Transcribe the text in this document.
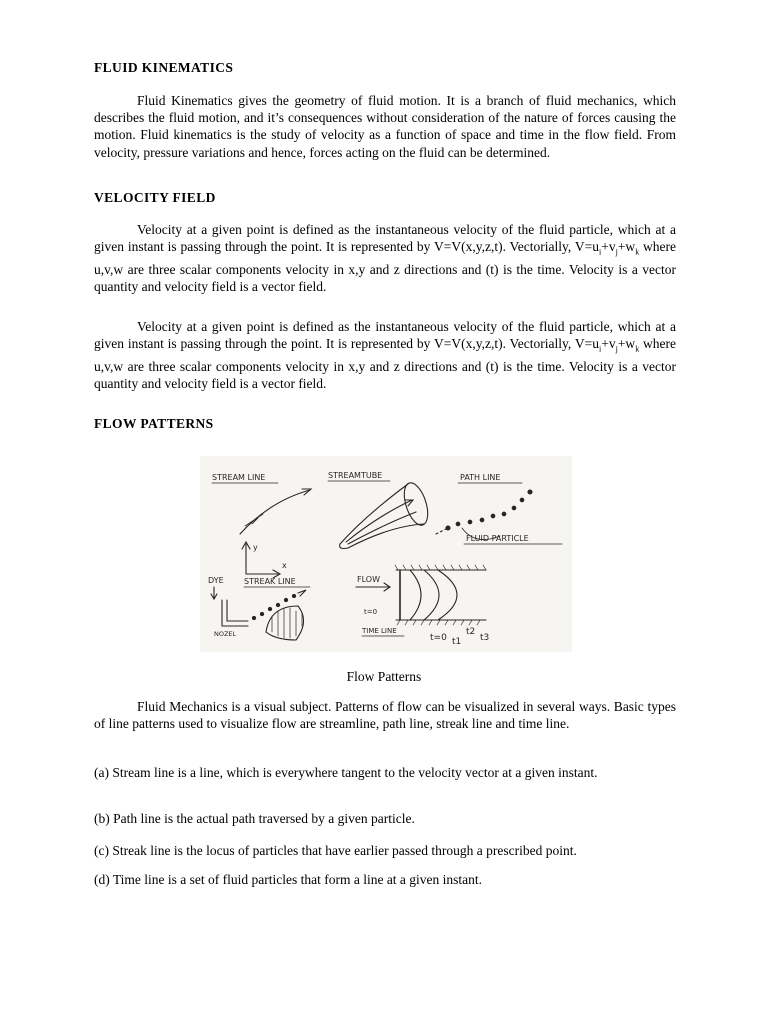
FLUID KINEMATICS

Fluid Kinematics gives the geometry of fluid motion. It is a branch of fluid mechanics, which describes the fluid motion, and it’s consequences without consideration of the nature of forces causing the motion. Fluid kinematics is the study of velocity as a function of space and time in the flow field. From velocity, pressure variations and hence, forces acting on the fluid can be determined.

VELOCITY FIELD

Velocity at a given point is defined as the instantaneous velocity of the fluid particle, which at a given instant is passing through the point. It is represented by V=V(x,y,z,t). Vectorially, $V=u_i+v_j+w_k$ where u,v,w are three scalar components velocity in x,y and z directions and (t) is the time. Velocity is a vector quantity and velocity field is a vector field.

Velocity at a given point is defined as the instantaneous velocity of the fluid particle, which at a given instant is passing through the point. It is represented by V=V(x,y,z,t). Vectorially, $V=u_i+v_j+w_k$ where u,v,w are three scalar components velocity in x,y and z directions and (t) is the time. Velocity is a vector quantity and velocity field is a vector field.

FLOW PATTERNS
STREAM LINE
y
x
STREAMTUBE	PATH LINE
FLUID PARTICLE
DYE	STREAK LINE
NOZEL
FLOW
t=0
TIME LINE
t=0 t1
t2
t3
Flow Patterns

Fluid Mechanics is a visual subject. Patterns of flow can be visualized in several ways. Basic types of line patterns used to visualize flow are streamline, path line, streak line and time line.

(a) Stream line is a line, which is everywhere tangent to the velocity vector at a given instant.

(b) Path line is the actual path traversed by a given particle.

(c) Streak line is the locus of particles that have earlier passed through a prescribed point.

(d) Time line is a set of fluid particles that form a line at a given instant.
